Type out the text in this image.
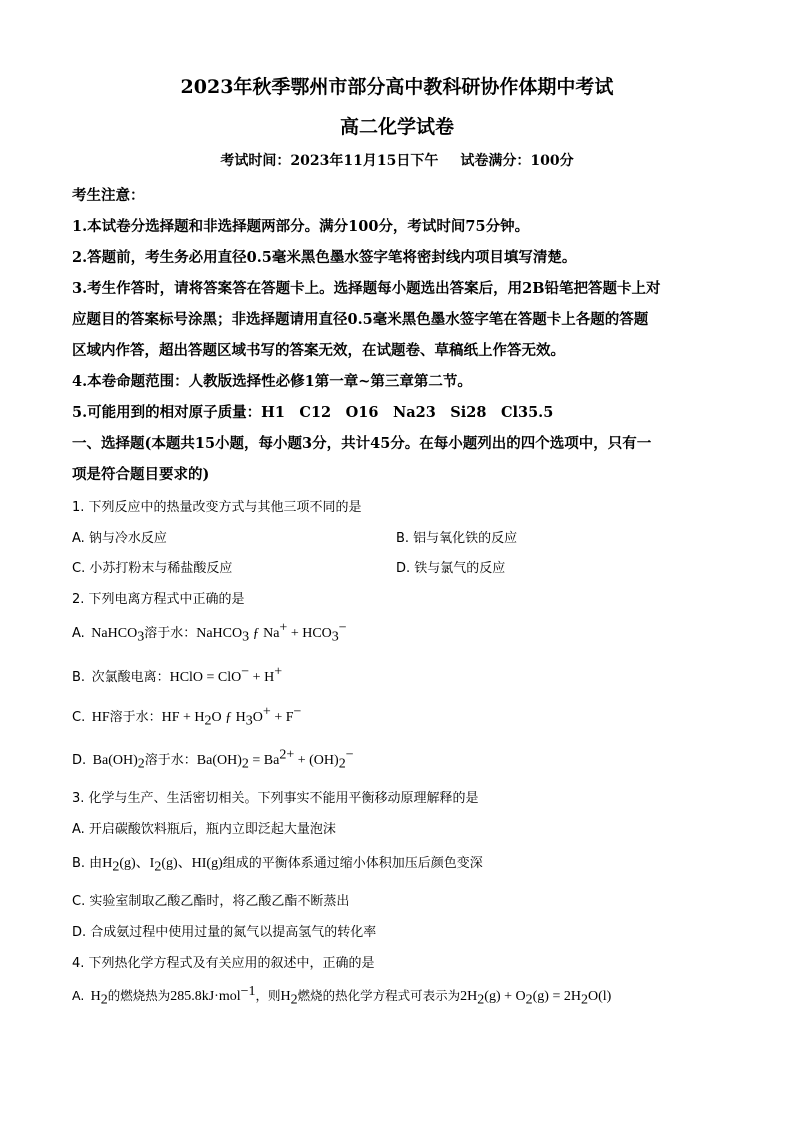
2023年秋季鄂州市部分高中教科研协作体期中考试
高二化学试卷
考试时间：2023年11月15日下午 试卷满分：100分
考生注意：
1.本试卷分选择题和非选择题两部分。满分100分，考试时间75分钟。
2.答题前，考生务必用直径0.5毫米黑色墨水签字笔将密封线内项目填写清楚。
3.考生作答时，请将答案答在答题卡上。选择题每小题选出答案后，用2B铅笔把答题卡上对
应题目的答案标号涂黑；非选择题请用直径0.5毫米黑色墨水签字笔在答题卡上各题的答题
区域内作答，超出答题区域书写的答案无效，在试题卷、草稿纸上作答无效。
4.本卷命题范围：人教版选择性必修1第一章~第三章第二节。
5.可能用到的相对原子质量：H1　C12　O16　Na23　Si28　Cl35.5
一、选择题(本题共15小题，每小题3分，共计45分。在每小题列出的四个选项中，只有一
项是符合题目要求的)
1. 下列反应中的热量改变方式与其他三项不同的是
A. 钠与冷水反应	B. 铝与氧化铁的反应
C. 小苏打粉末与稀盐酸反应	D. 铁与氯气的反应
2. 下列电离方程式中正确的是
A. NaHCO$_3$溶于水：NaHCO$_3$ ƒ $Na^+ + HCO_3^-$
B. 次氯酸电离：HClO = ClO− + H+
C. HF溶于水：HF + $H_2O$ ƒ $H_3O^+ + F^-$
D. $Ba(OH)_2$溶于水：$Ba(OH)_2 = Ba^{2+} + (OH)_2^-$
3. 化学与生产、生活密切相关。下列事实不能用平衡移动原理解释的是
A. 开启碳酸饮料瓶后，瓶内立即泛起大量泡沫
B. 由$H_2(g)$、$I_2(g)$、HI(g)组成的平衡体系通过缩小体积加压后颜色变深
C. 实验室制取乙酸乙酯时，将乙酸乙酯不断蒸出
D. 合成氨过程中使用过量的氮气以提高氢气的转化率
4. 下列热化学方程式及有关应用的叙述中，正确的是
A. $H_2$的燃烧热为285.8kJ·mol$^{-1}$，则$H_2$燃烧的热化学方程式可表示为$2H_2(g) + O_2(g) = 2H_2O(l)$
